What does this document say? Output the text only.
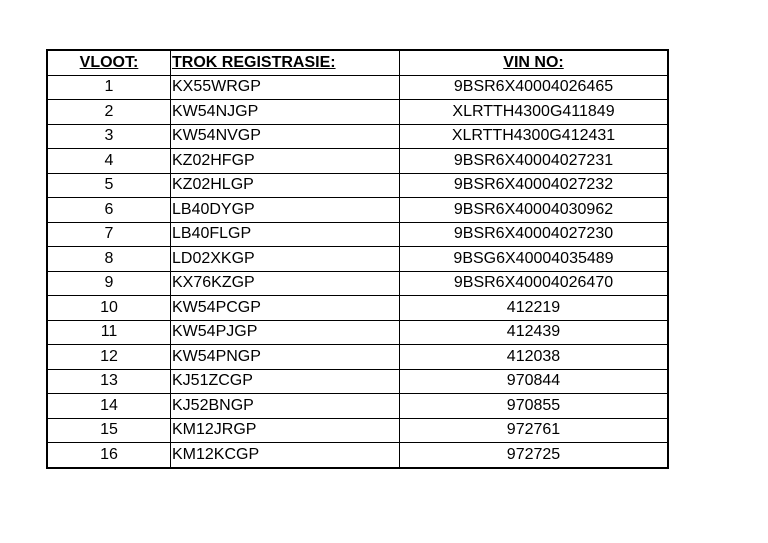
VLOOT:	TROK REGISTRASIE:	VIN NO:
1	KX55WRGP	9BSR6X40004026465
2	KW54NJGP	XLRTTH4300G411849
3	KW54NVGP	XLRTTH4300G412431
4	KZ02HFGP	9BSR6X40004027231
5	KZ02HLGP	9BSR6X40004027232
6	LB40DYGP	9BSR6X40004030962
7	LB40FLGP	9BSR6X40004027230
8	LD02XKGP	9BSG6X40004035489
9	KX76KZGP	9BSR6X40004026470
10	KW54PCGP	412219
11	KW54PJGP	412439
12	KW54PNGP	412038
13	KJ51ZCGP	970844
14	KJ52BNGP	970855
15	KM12JRGP	972761
16	KM12KCGP	972725
